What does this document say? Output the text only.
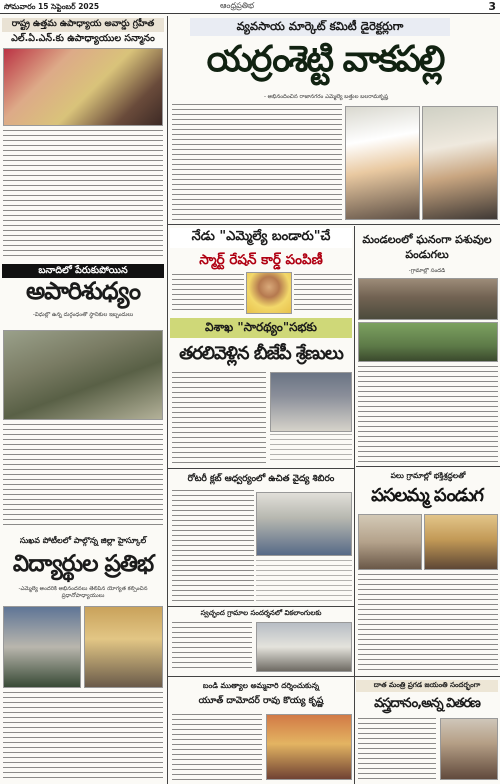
సోమవారం 15 సెప్టెంబర్ 2025	ఆంధ్రప్రతిభ	3
రాష్ట్ర ఉత్తమ ఉపాధ్యాయ అవార్డు గ్రహీత
ఎల్.ఏ.ఎన్.కు ఉపాధ్యాయుల సన్మానం
బనాదిలో పేరుకుపోయిన
అపారిశుధ్యం
-వీధుల్లో ఉన్న దుర్గంధంతో స్థానికుల ఇబ్బందులు
సుఖవ పోటీలలో పాల్గొన్న జిల్లా హైస్కూల్
విద్యార్థుల ప్రతిభ
-ఎమ్మెల్యే అందరికీ అభినందనలు తెలిపిన యోగ్యత కల్పించిన ప్రధానోపాధ్యాయులు
వ్యవసాయ మార్కెట్ కమిటీ డైరెక్టర్లుగా
యర్రంశెట్టి వాకపల్లి
- అభినందించిన రాజానగరం ఎమ్మెల్యే బత్తుల బలరామకృష్ణ
నేడు "ఎమ్మెల్యే బండారు"చే
స్మార్ట్ రేషన్ కార్డ్ పంపిణీ
విశాఖ "సారథ్యం"సభకు
తరలివెళ్లిన బీజేపీ శ్రేణులు
రోటరీ క్లబ్ ఆధ్వర్యంలో ఉచిత వైద్య శిబిరం
స్వచ్ఛంద గ్రామాల సందర్శనలో వికలాంగులకు
బండి ముత్యాల అమ్మవారి దర్శించుకున్న
యూత్ దామోదర్ రావు కొయ్య కృష్ణ
మండలంలో ఘనంగా పశువుల పండుగలు
-గ్రామాల్లో సందడి
పలు గ్రామాల్లో భక్తిశ్రద్ధలతో
పసలమ్మ పండుగ
దాత మంత్రి ప్రగడ జయంతి సందర్భంగా
వస్త్రదానం,అన్న వితరణ
